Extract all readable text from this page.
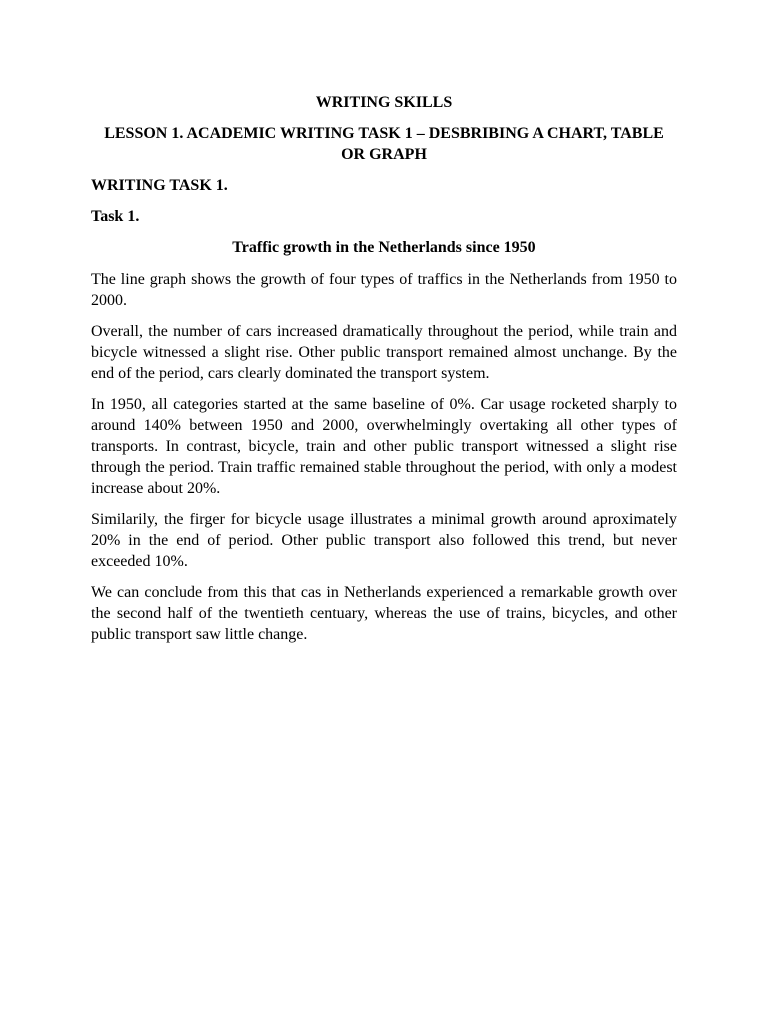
WRITING SKILLS

LESSON 1. ACADEMIC WRITING TASK 1 – DESBRIBING A CHART, TABLE OR GRAPH

WRITING TASK 1.

Task 1.

Traffic growth in the Netherlands since 1950

The line graph shows the growth of four types of traffics in the Netherlands from 1950 to 2000.

Overall, the number of cars increased dramatically throughout the period, while train and bicycle witnessed a slight rise. Other public transport remained almost unchange. By the end of the period, cars clearly dominated the transport system.

In 1950, all categories started at the same baseline of 0%. Car usage rocketed sharply to around 140% between 1950 and 2000, overwhelmingly overtaking all other types of transports. In contrast, bicycle, train and other public transport witnessed a slight rise through the period. Train traffic remained stable throughout the period, with only a modest increase about 20%.

Similarily, the firger for bicycle usage illustrates a minimal growth around aproximately 20% in the end of period. Other public transport also followed this trend, but never exceeded 10%.

We can conclude from this that cas in Netherlands experienced a remarkable growth over the second half of the twentieth centuary, whereas the use of trains, bicycles, and other public transport saw little change.
